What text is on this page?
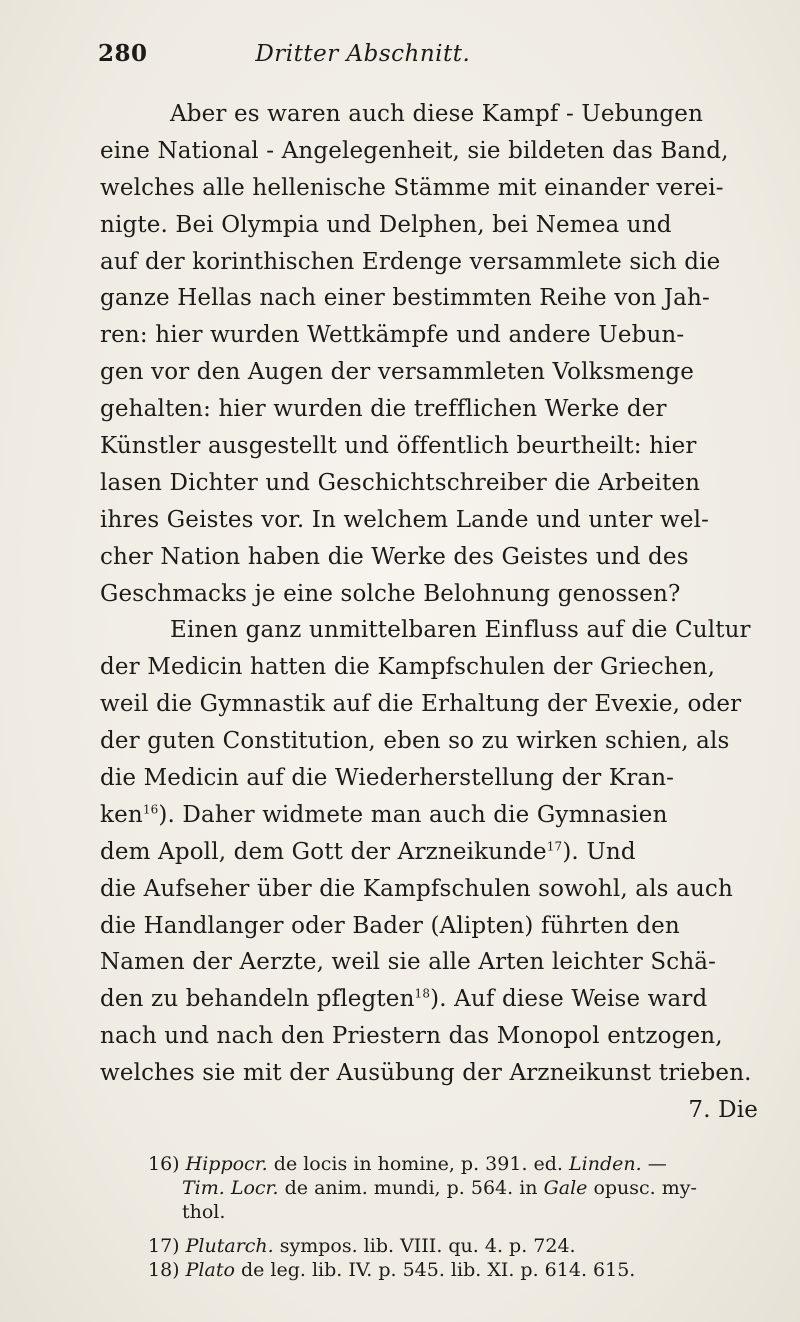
280	Dritter Abschnitt.
Aber es waren auch diese Kampf - Uebungen
eine National - Angelegenheit, sie bildeten das Band,
welches alle hellenische Stämme mit einander verei-
nigte. Bei Olympia und Delphen, bei Nemea und
auf der korinthischen Erdenge versammlete sich die
ganze Hellas nach einer bestimmten Reihe von Jah-
ren: hier wurden Wettkämpfe und andere Uebun-
gen vor den Augen der versammleten Volksmenge
gehalten: hier wurden die trefflichen Werke der
Künstler ausgestellt und öffentlich beurtheilt: hier
lasen Dichter und Geschichtschreiber die Arbeiten
ihres Geistes vor. In welchem Lande und unter wel-
cher Nation haben die Werke des Geistes und des
Geschmacks je eine solche Belohnung genossen?
Einen ganz unmittelbaren Einfluss auf die Cultur
der Medicin hatten die Kampfschulen der Griechen,
weil die Gymnastik auf die Erhaltung der Evexie, oder
der guten Constitution, eben so zu wirken schien, als
die Medicin auf die Wiederherstellung der Kran-
ken$^{16}$). Daher widmete man auch die Gymnasien
dem Apoll, dem Gott der Arzneikunde$^{17}$). Und
die Aufseher über die Kampfschulen sowohl, als auch
die Handlanger oder Bader (Alipten) führten den
Namen der Aerzte, weil sie alle Arten leichter Schä-
den zu behandeln pflegten$^{18}$). Auf diese Weise ward
nach und nach den Priestern das Monopol entzogen,
welches sie mit der Ausübung der Arzneikunst trieben.
7. Die
16) Hippocr. de locis in homine, p. 391. ed. Linden. —
Tim. Locr. de anim. mundi, p. 564. in Gale opusc. my-
thol.
17) Plutarch. sympos. lib. VIII. qu. 4. p. 724.
18) Plato de leg. lib. IV. p. 545. lib. XI. p. 614. 615.
